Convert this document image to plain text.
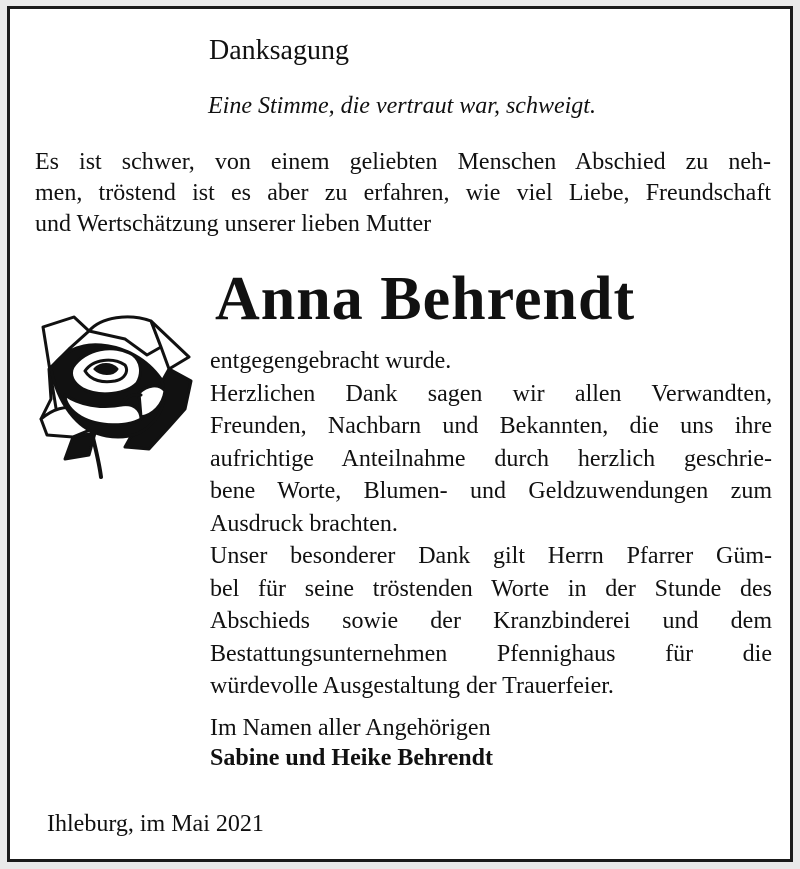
Danksagung
Eine Stimme, die vertraut war, schweigt.
Es ist schwer, von einem geliebten Menschen Abschied zu neh-
men, tröstend ist es aber zu erfahren, wie viel Liebe, Freundschaft
und Wertschätzung unserer lieben Mutter
Anna Behrendt
entgegengebracht wurde.
Herzlichen Dank sagen wir allen Verwandten,
Freunden, Nachbarn und Bekannten, die uns ihre
aufrichtige Anteilnahme durch herzlich geschrie-
bene Worte, Blumen- und Geldzuwendungen zum
Ausdruck brachten.
Unser besonderer Dank gilt Herrn Pfarrer Güm-
bel für seine tröstenden Worte in der Stunde des
Abschieds sowie der Kranzbinderei und dem
Bestattungsunternehmen Pfennighaus für die
würdevolle Ausgestaltung der Trauerfeier.
Im Namen aller Angehörigen
Sabine und Heike Behrendt
Ihleburg, im Mai 2021
